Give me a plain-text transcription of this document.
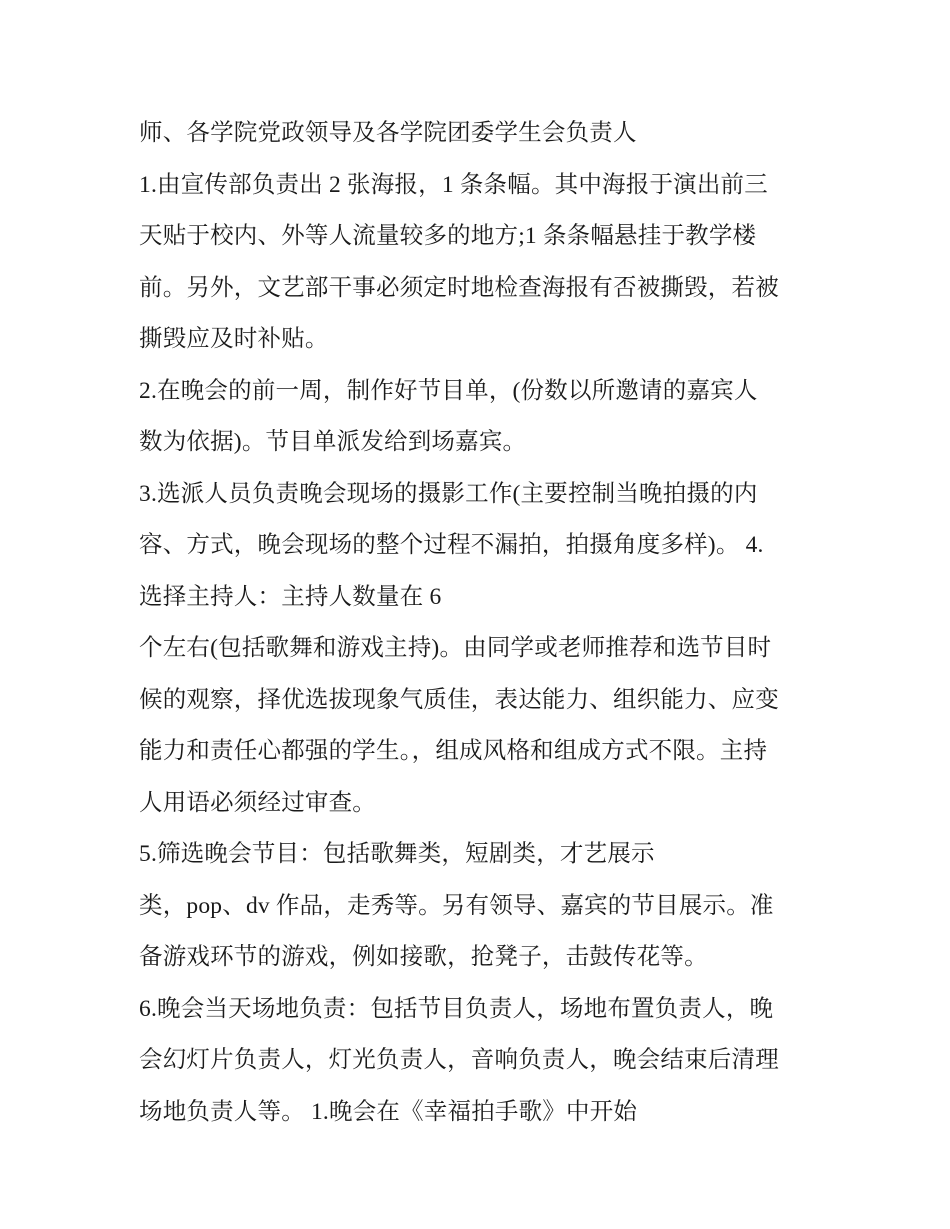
师、各学院党政领导及各学院团委学生会负责人
1.由宣传部负责出 2 张海报，1 条条幅。其中海报于演出前三
天贴于校内、外等人流量较多的地方;1 条条幅悬挂于教学楼
前。另外，文艺部干事必须定时地检查海报有否被撕毁，若被
撕毁应及时补贴。
2.在晚会的前一周，制作好节目单，(份数以所邀请的嘉宾人
数为依据)。节目单派发给到场嘉宾。
3.选派人员负责晚会现场的摄影工作(主要控制当晚拍摄的内
容、方式，晚会现场的整个过程不漏拍，拍摄角度多样)。 4.
选择主持人：主持人数量在 6
个左右(包括歌舞和游戏主持)。由同学或老师推荐和选节目时
候的观察，择优选拔现象气质佳，表达能力、组织能力、应变
能力和责任心都强的学生。，组成风格和组成方式不限。主持
人用语必须经过审查。
5.筛选晚会节目：包括歌舞类，短剧类，才艺展示
类，pop、dv 作品，走秀等。另有领导、嘉宾的节目展示。准
备游戏环节的游戏，例如接歌，抢凳子，击鼓传花等。
6.晚会当天场地负责：包括节目负责人，场地布置负责人，晚
会幻灯片负责人，灯光负责人，音响负责人，晚会结束后清理
场地负责人等。 1.晚会在《幸福拍手歌》中开始
